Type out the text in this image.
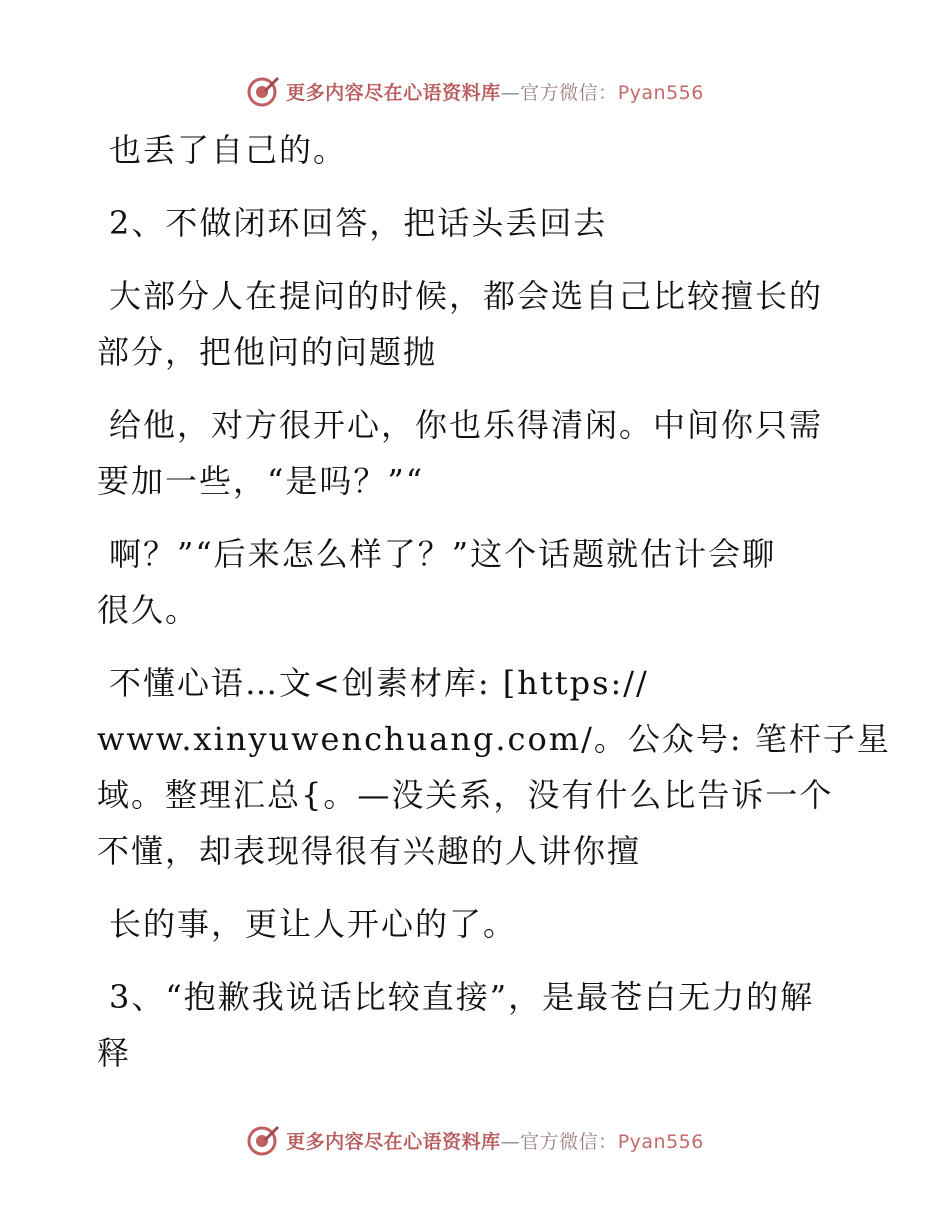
更多内容尽在心语资料库—官方微信：Pyan556
也丢了自己的。
2、不做闭环回答，把话头丢回去
大部分人在提问的时候，都会选自己比较擅长的
部分，把他问的问题抛
给他，对方很开心，你也乐得清闲。中间你只需
要加一些，“是吗？”“
啊？”“后来怎么样了？”这个话题就估计会聊
很久。
不懂心语…文<创素材库: [https://
www.xinyuwenchuang.com/。公众号: 笔杆子星
域。整理汇总{。—没关系，没有什么比告诉一个
不懂，却表现得很有兴趣的人讲你擅
长的事，更让人开心的了。
3、“抱歉我说话比较直接”，是最苍白无力的解
释
更多内容尽在心语资料库—官方微信：Pyan556
